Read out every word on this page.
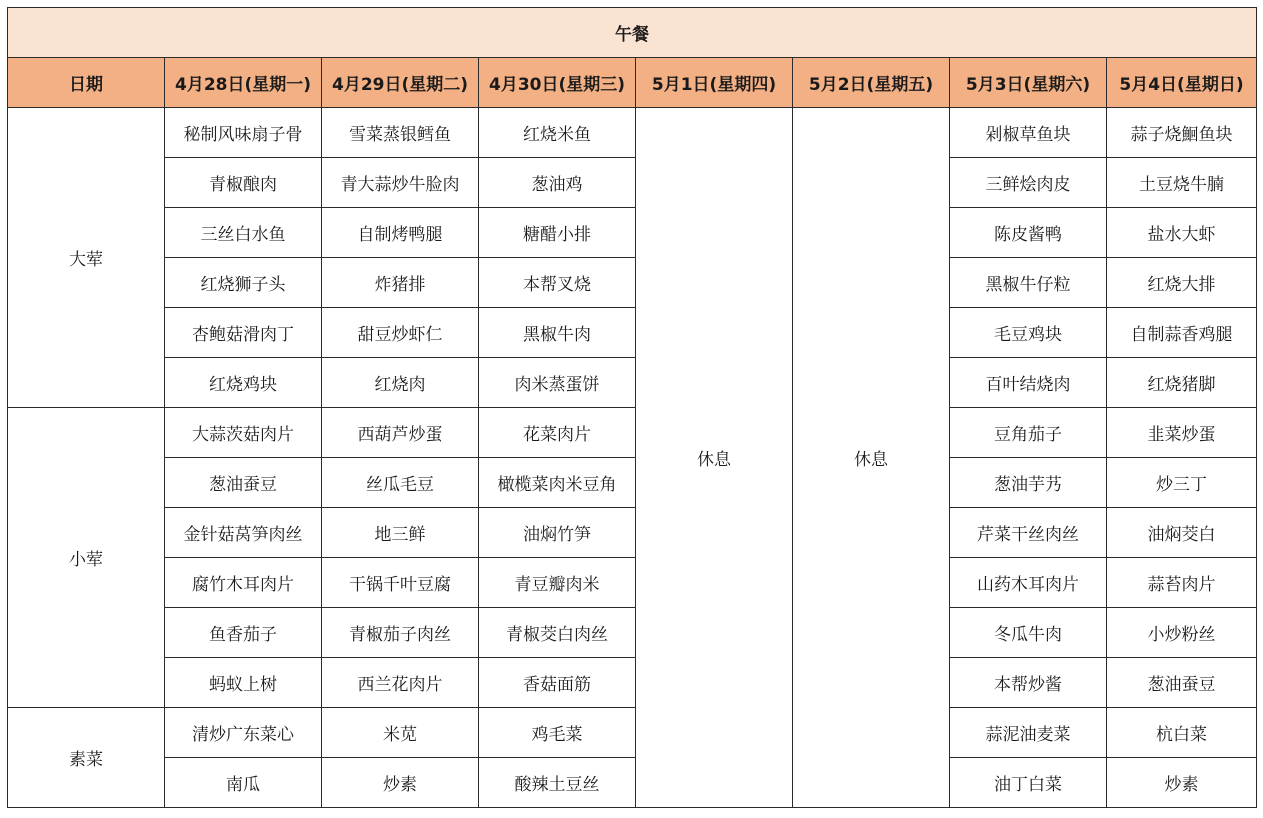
午餐							
日期	4月28日(星期一)	4月29日(星期二)	4月30日(星期三)	5月1日(星期四)	5月2日(星期五)	5月3日(星期六)	5月4日(星期日)
大荤	秘制风味扇子骨	雪菜蒸银鳕鱼	红烧米鱼	休息	休息	剁椒草鱼块	蒜子烧鮰鱼块
	青椒酿肉	青大蒜炒牛脸肉	葱油鸡			三鲜烩肉皮	土豆烧牛腩
	三丝白水鱼	自制烤鸭腿	糖醋小排			陈皮酱鸭	盐水大虾
	红烧狮子头	炸猪排	本帮叉烧			黑椒牛仔粒	红烧大排
	杏鲍菇滑肉丁	甜豆炒虾仁	黑椒牛肉			毛豆鸡块	自制蒜香鸡腿
	红烧鸡块	红烧肉	肉米蒸蛋饼			百叶结烧肉	红烧猪脚
小荤	大蒜茨菇肉片	西葫芦炒蛋	花菜肉片			豆角茄子	韭菜炒蛋
	葱油蚕豆	丝瓜毛豆	橄榄菜肉米豆角			葱油芋艿	炒三丁
	金针菇莴笋肉丝	地三鲜	油焖竹笋			芹菜干丝肉丝	油焖茭白
	腐竹木耳肉片	干锅千叶豆腐	青豆瓣肉米			山药木耳肉片	蒜苔肉片
	鱼香茄子	青椒茄子肉丝	青椒茭白肉丝			冬瓜牛肉	小炒粉丝
	蚂蚁上树	西兰花肉片	香菇面筋			本帮炒酱	葱油蚕豆
素菜	清炒广东菜心	米苋	鸡毛菜			蒜泥油麦菜	杭白菜
	南瓜	炒素	酸辣土豆丝			油丁白菜	炒素
